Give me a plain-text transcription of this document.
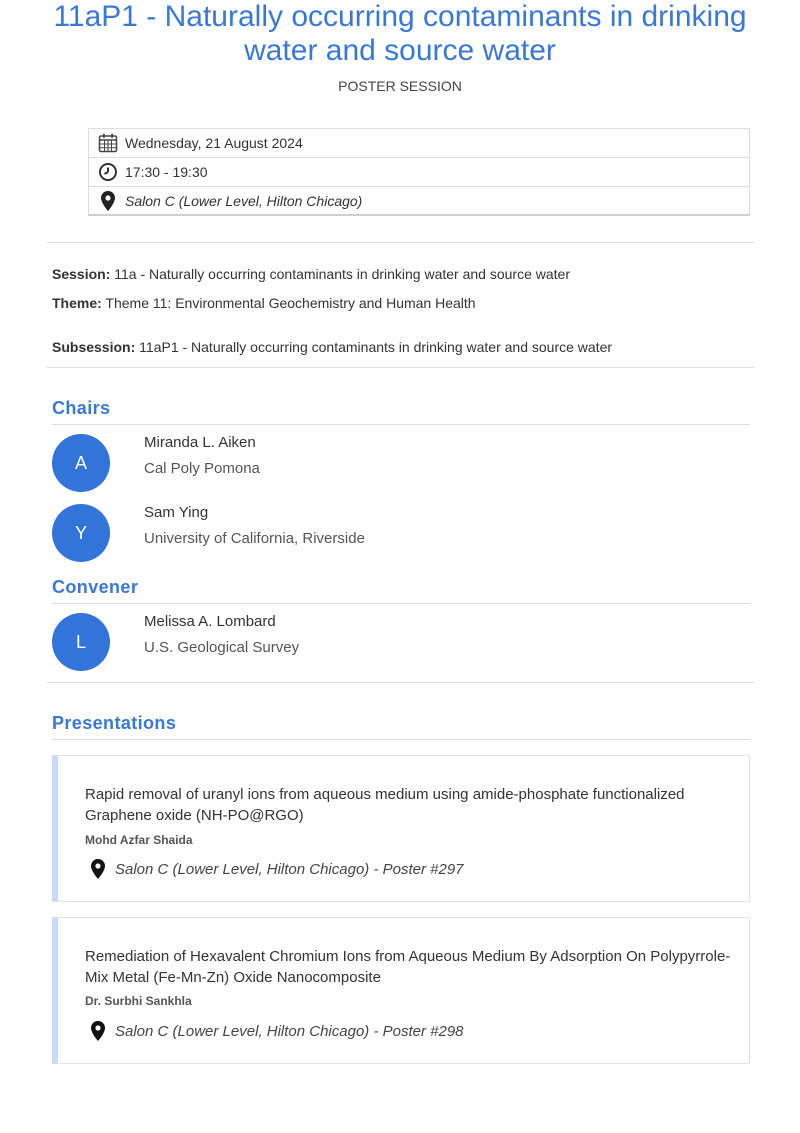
11aP1 - Naturally occurring contaminants in drinking water and source water
POSTER SESSION
Wednesday, 21 August 2024
17:30 - 19:30
Salon C (Lower Level, Hilton Chicago)
Session: 11a - Naturally occurring contaminants in drinking water and source water
Theme: Theme 11: Environmental Geochemistry and Human Health
Subsession: 11aP1 - Naturally occurring contaminants in drinking water and source water
Chairs
A
Miranda L. Aiken
Cal Poly Pomona
Y
Sam Ying
University of California, Riverside
Convener
L
Melissa A. Lombard
U.S. Geological Survey
Presentations
Rapid removal of uranyl ions from aqueous medium using amide-phosphate functionalized Graphene oxide (NH-PO@RGO)
Mohd Azfar Shaida
Salon C (Lower Level, Hilton Chicago) - Poster #297
Remediation of Hexavalent Chromium Ions from Aqueous Medium By Adsorption On Polypyrrole-Mix Metal (Fe-Mn-Zn) Oxide Nanocomposite
Dr. Surbhi Sankhla
Salon C (Lower Level, Hilton Chicago) - Poster #298
